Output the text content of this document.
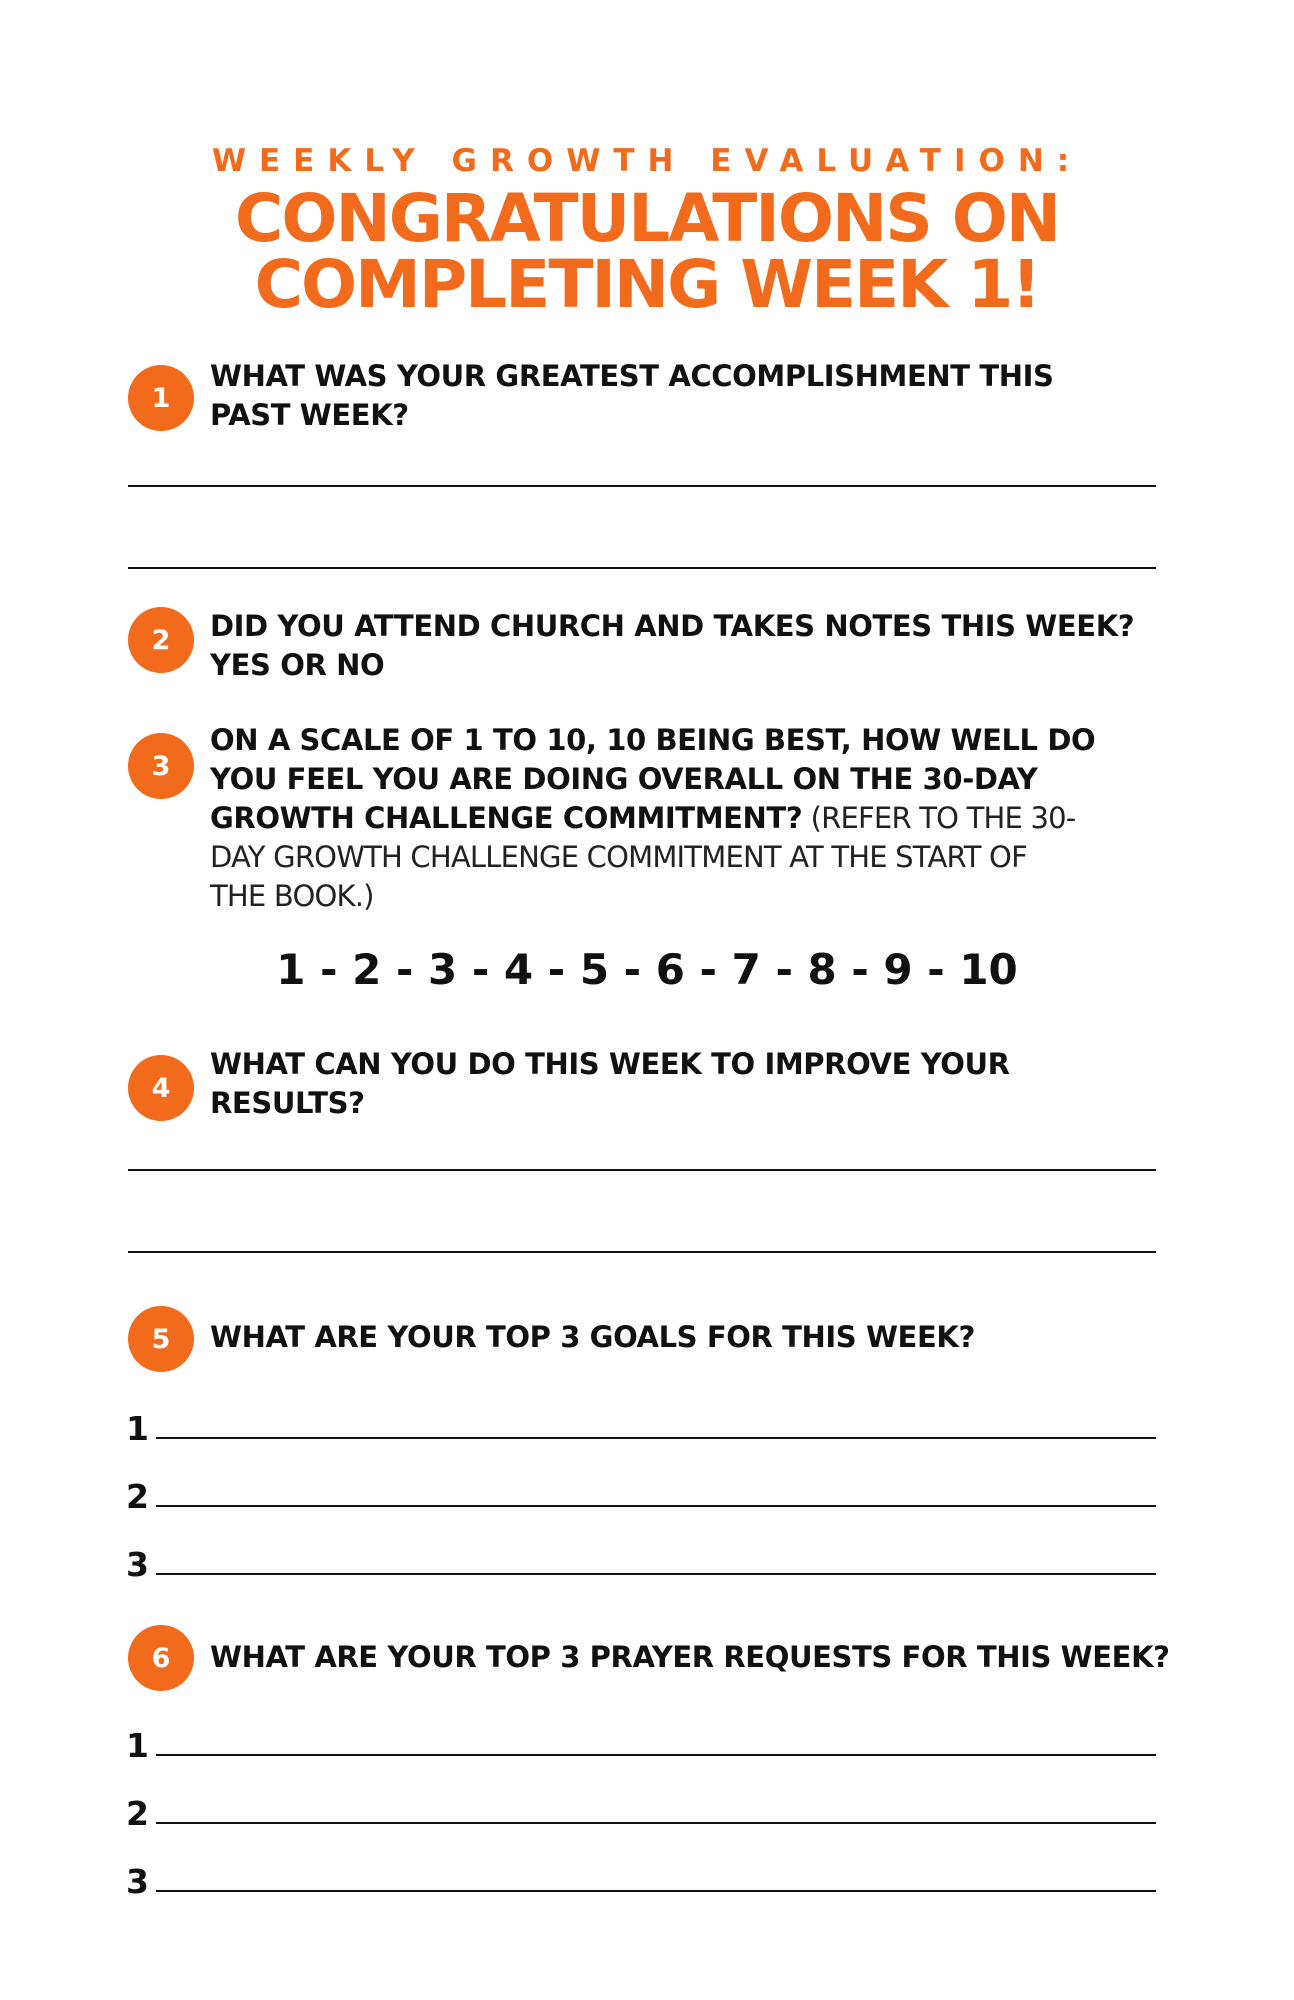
WEEKLY GROWTH EVALUATION:
CONGRATULATIONS ON
COMPLETING WEEK 1!
1
WHAT WAS YOUR GREATEST ACCOMPLISHMENT THIS
PAST WEEK?
2	DID YOU ATTEND CHURCH AND TAKES NOTES THIS WEEK?
YES OR NO
3
ON A SCALE OF 1 TO 10, 10 BEING BEST, HOW WELL DO
YOU FEEL YOU ARE DOING OVERALL ON THE 30-DAY
GROWTH CHALLENGE COMMITMENT? (REFER TO THE 30-
DAY GROWTH CHALLENGE COMMITMENT AT THE START OF
THE BOOK.)
1 - 2 - 3 - 4 - 5 - 6 - 7 - 8 - 9 - 10
4
WHAT CAN YOU DO THIS WEEK TO IMPROVE YOUR
RESULTS?
5	WHAT ARE YOUR TOP 3 GOALS FOR THIS WEEK?
1
2
3
6	WHAT ARE YOUR TOP 3 PRAYER REQUESTS FOR THIS WEEK?
1
2
3
